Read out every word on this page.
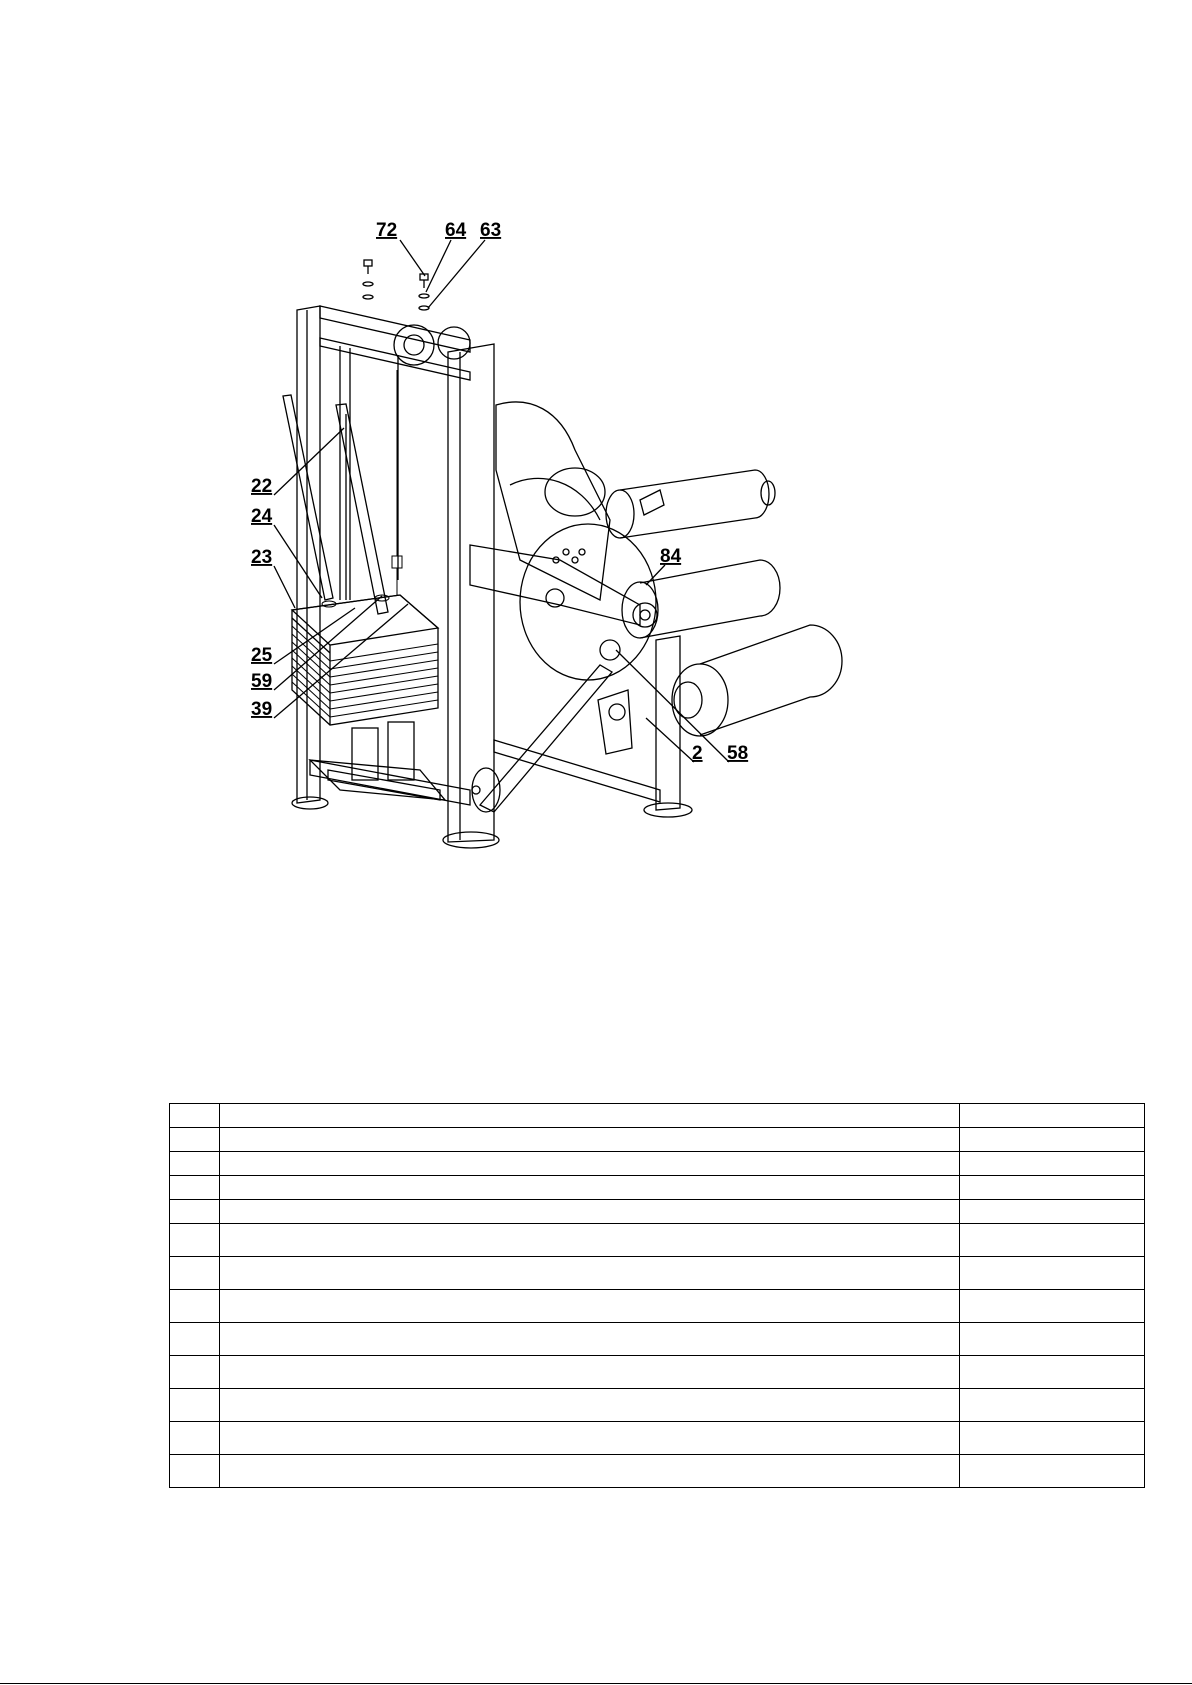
72	64 63
22
24
23
25
59
39
84
2 58
